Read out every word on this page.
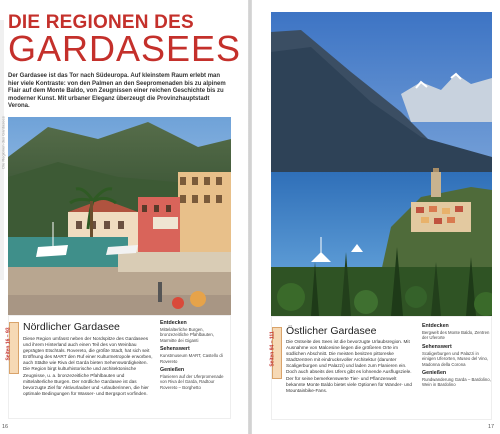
Die Regionen des Gardasees
DIE REGIONEN DES
GARDASEES
Der Gardasee ist das Tor nach Südeuropa. Auf kleinstem Raum erlebt man hier viele Kontraste: von den Palmen an den Seepromenaden bis zu alpinem Flair auf dem Monte Baldo, von Zeugnissen einer reichen Geschichte bis zu moderner Kunst. Mit urbaner Eleganz überzeugt die Provinzhauptstadt Verona.
Seiten 16 – 93
Nördlicher Gardasee

Diese Region umfasst neben der Nordspitze des Gardasees und ihrem Hinterland auch einen Teil des von Weinbau geprägten Etschtals. Rovereto, die größte Stadt, hat sich seit Eröffnung des MART den Ruf einer Kulturmetropole erworben, auch Städte wie Riva del Garda bieten Sehenswürdigkeiten. Die Region birgt kulturhistorische und architektonische Zeugnisse, u. a. bronzezeitliche Pfahlbauten und mittelalterliche Burgen. Der nördliche Gardasee ist das bevorzugte Ziel für Aktivurlauber und -urlauberinnen, die hier optimale Bedingungen für Wasser- und Bergsport vorfinden.

Entdecken
Mittelalterliche Burgen, bronzezeitliche Pfahlbauten, Marmitte dei Giganti
Sehenswert
Kunstmuseum MART, Castello di Rovereto
Genießen
Flanieren auf der Uferpromenade von Riva del Garda, Radtour Rovereto – Borghetto
16
Seiten 94 – 111
Östlicher Gardasee

Die Ostseite des Sees ist die bevorzugte Urlaubsregion. Mit Ausnahme von Malcesine liegen die größeren Orte im südlichen Abschnitt. Die meisten besitzen pittoreske Stadtzentren mit eindrucksvoller Architektur (darunter Scaligerburgen und Palazzi) und laden zum Flanieren ein. Doch auch abseits des Ufers gibt es lohnende Ausflugsziele. Der für seine bemerkenswerte Tier- und Pflanzenwelt bekannte Monte Baldo bietet viele Optionen für Wander- und Mountainbike-Fans.

Entdecken
Bergwelt des Monte Baldo, Zentren der Uferorte
Sehenswert
Scaligerburgen und Palazzi in einigen Uferorten, Museo del Vino, Madonna della Corona
Genießen
Rundwanderung Garda – Bardolino, Wein in Bardolino
17
